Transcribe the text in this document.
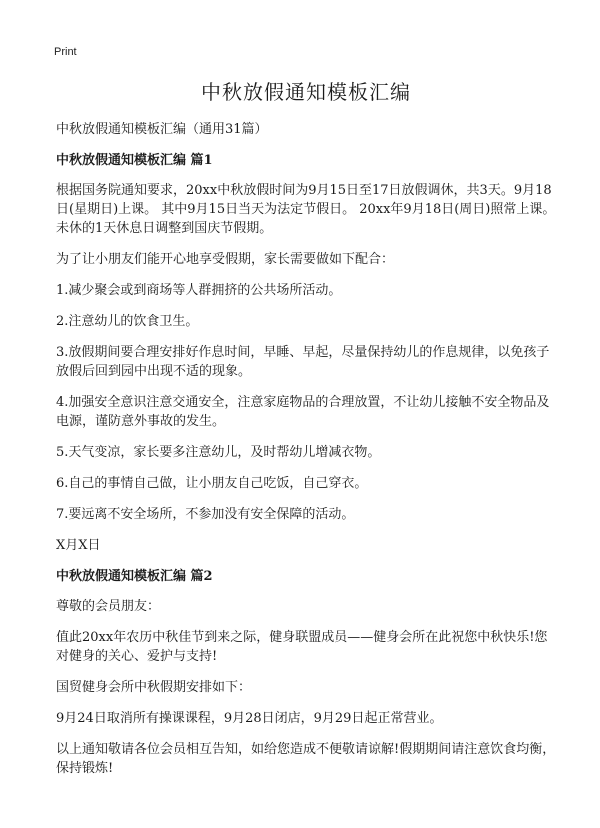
Print
中秋放假通知模板汇编

中秋放假通知模板汇编（通用31篇）

中秋放假通知模板汇编 篇1

根据国务院通知要求，20xx中秋放假时间为9月15日至17日放假调休，共3天。9月18日(星期日)上课。 其中9月15日当天为法定节假日。 20xx年9月18日(周日)照常上课。未休的1天休息日调整到国庆节假期。

为了让小朋友们能开心地享受假期，家长需要做如下配合：

1.减少聚会或到商场等人群拥挤的公共场所活动。

2.注意幼儿的饮食卫生。

3.放假期间要合理安排好作息时间，早睡、早起，尽量保持幼儿的作息规律，以免孩子放假后回到园中出现不适的现象。

4.加强安全意识注意交通安全，注意家庭物品的合理放置，不让幼儿接触不安全物品及电源，谨防意外事故的发生。

5.天气变凉，家长要多注意幼儿，及时帮幼儿增减衣物。

6.自己的事情自己做，让小朋友自己吃饭，自己穿衣。

7.要远离不安全场所，不参加没有安全保障的活动。

X月X日

中秋放假通知模板汇编 篇2

尊敬的会员朋友：

值此20xx年农历中秋佳节到来之际，健身联盟成员——健身会所在此祝您中秋快乐!您对健身的关心、爱护与支持!

国贸健身会所中秋假期安排如下：

9月24日取消所有操课课程，9月28日闭店，9月29日起正常营业。

以上通知敬请各位会员相互告知，如给您造成不便敬请谅解!假期期间请注意饮食均衡，保持锻炼!
